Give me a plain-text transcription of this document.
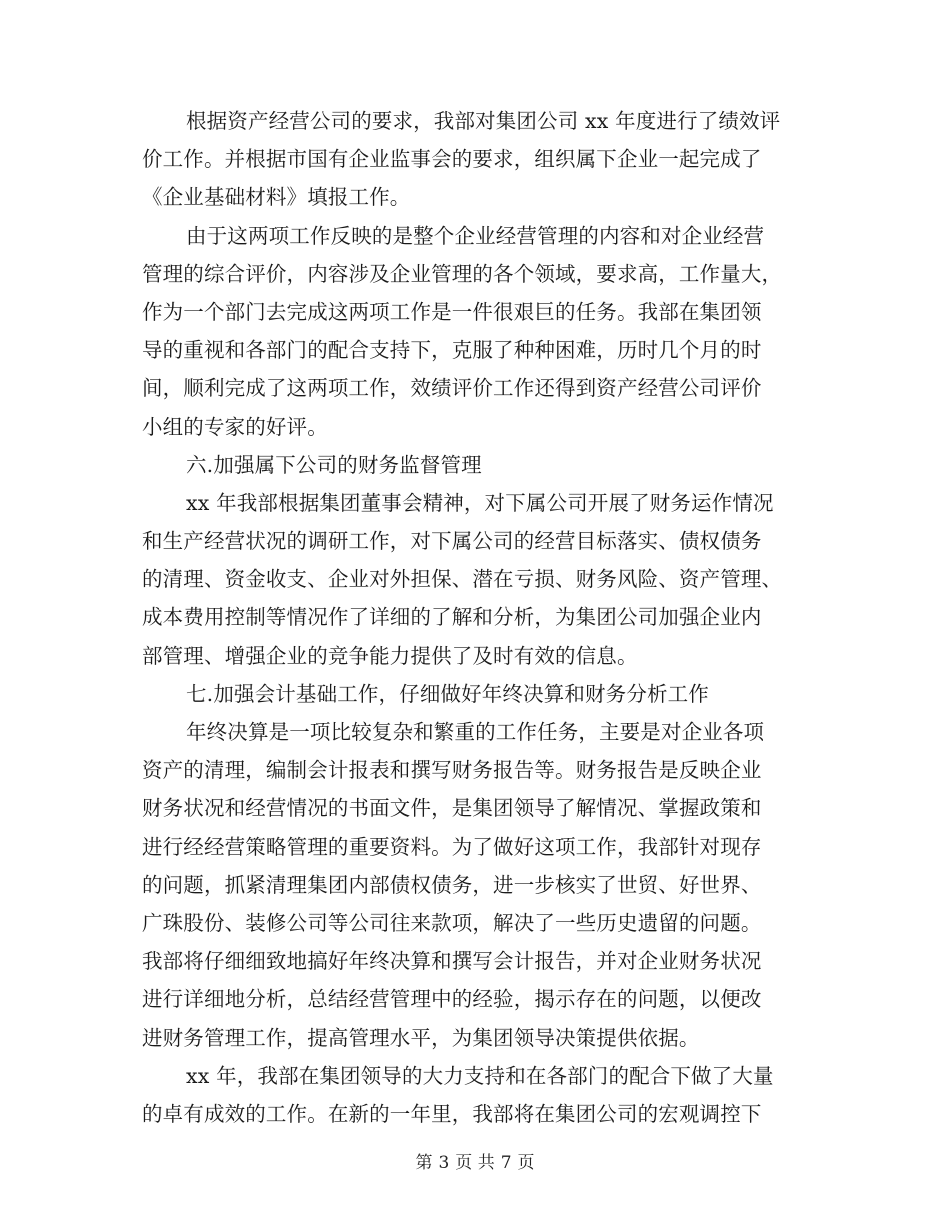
根据资产经营公司的要求，我部对集团公司 xx 年度进行了绩效评
价工作。并根据市国有企业监事会的要求，组织属下企业一起完成了
《企业基础材料》填报工作。
由于这两项工作反映的是整个企业经营管理的内容和对企业经营
管理的综合评价，内容涉及企业管理的各个领域，要求高，工作量大，
作为一个部门去完成这两项工作是一件很艰巨的任务。我部在集团领
导的重视和各部门的配合支持下，克服了种种困难，历时几个月的时
间，顺利完成了这两项工作，效绩评价工作还得到资产经营公司评价
小组的专家的好评。
六.加强属下公司的财务监督管理
xx 年我部根据集团董事会精神，对下属公司开展了财务运作情况
和生产经营状况的调研工作，对下属公司的经营目标落实、债权债务
的清理、资金收支、企业对外担保、潜在亏损、财务风险、资产管理、
成本费用控制等情况作了详细的了解和分析，为集团公司加强企业内
部管理、增强企业的竞争能力提供了及时有效的信息。
七.加强会计基础工作，仔细做好年终决算和财务分析工作
年终决算是一项比较复杂和繁重的工作任务，主要是对企业各项
资产的清理，编制会计报表和撰写财务报告等。财务报告是反映企业
财务状况和经营情况的书面文件，是集团领导了解情况、掌握政策和
进行经经营策略管理的重要资料。为了做好这项工作，我部针对现存
的问题，抓紧清理集团内部债权债务，进一步核实了世贸、好世界、
广珠股份、装修公司等公司往来款项，解决了一些历史遗留的问题。
我部将仔细细致地搞好年终决算和撰写会计报告，并对企业财务状况
进行详细地分析，总结经营管理中的经验，揭示存在的问题，以便改
进财务管理工作，提高管理水平，为集团领导决策提供依据。
xx 年，我部在集团领导的大力支持和在各部门的配合下做了大量
的卓有成效的工作。在新的一年里，我部将在集团公司的宏观调控下
第 3 页 共 7 页
